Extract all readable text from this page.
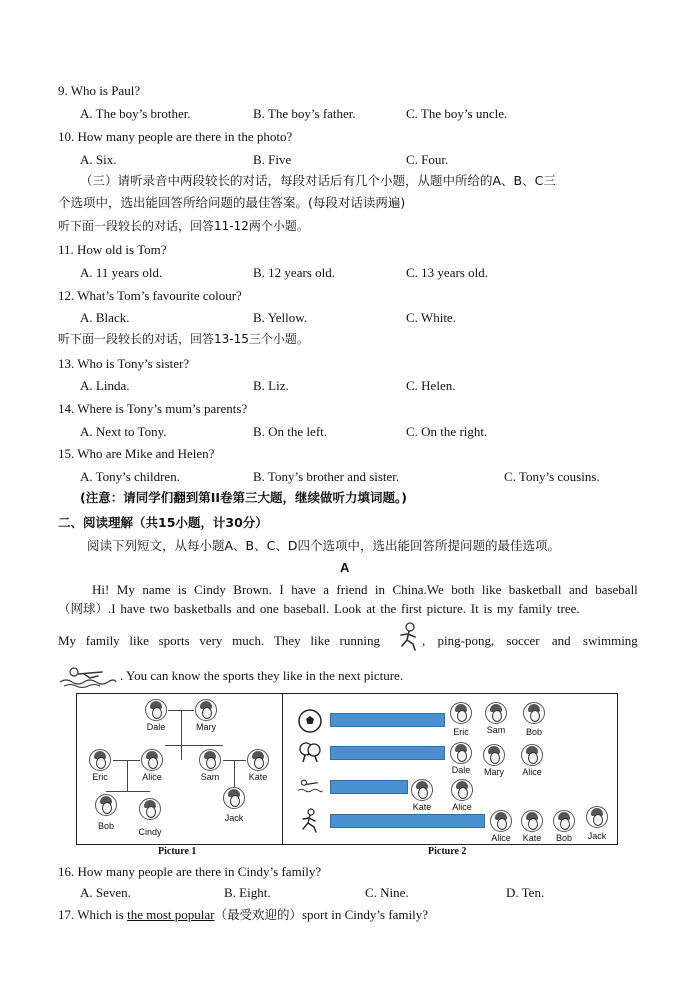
9. Who is Paul?
A. The boy’s brother.	B. The boy’s father.	C. The boy’s uncle.
10. How many people are there in the photo?
A. Six.	B. Five	C. Four.
（三）请听录音中两段较长的对话，每段对话后有几个小题，从题中所给的A、B、C三
个选项中，选出能回答所给问题的最佳答案。(每段对话读两遍)
听下面一段较长的对话，回答11-12两个小题。
11. How old is Tom?
A. 11 years old.	B. 12 years old.	C. 13 years old.
12. What’s Tom’s favourite colour?
A. Black.	B. Yellow.	C. White.
听下面一段较长的对话，回答13-15三个小题。
13. Who is Tony’s sister?
A. Linda.	B. Liz.	C. Helen.
14. Where is Tony’s mum’s parents?
A. Next to Tony.	B. On the left.	C. On the right.
15. Who are Mike and Helen?
A. Tony’s children.	B. Tony’s brother and sister.	C. Tony’s cousins.
(注意：请同学们翻到第II卷第三大题，继续做听力填词题。)
二、阅读理解（共15小题，计30分）
阅读下列短文，从每小题A、B、C、D四个选项中，选出能回答所提问题的最佳选项。
A
Hi! My name is Cindy Brown. I have a friend in China.We both like basketball and baseball
（网球）.I have two basketballs and one baseball. Look at the first picture. It is my family tree.
My family like sports very much. They like running	, ping-pong, soccer and swimming
. You can know the sports they like in the next picture.
Dale	Mary
Eric	Alice	Sam	Kate
Bob
Cindy
Jack
Eric	Sam	Bob
Dale	Mary	Alice
Kate	Alice
Alice	Kate	Bob	Jack
Picture 1	Picture 2
16. How many people are there in Cindy’s family?
A. Seven.	B. Eight.	C. Nine.	D. Ten.
17. Which is the most popular（最受欢迎的）sport in Cindy’s family?
